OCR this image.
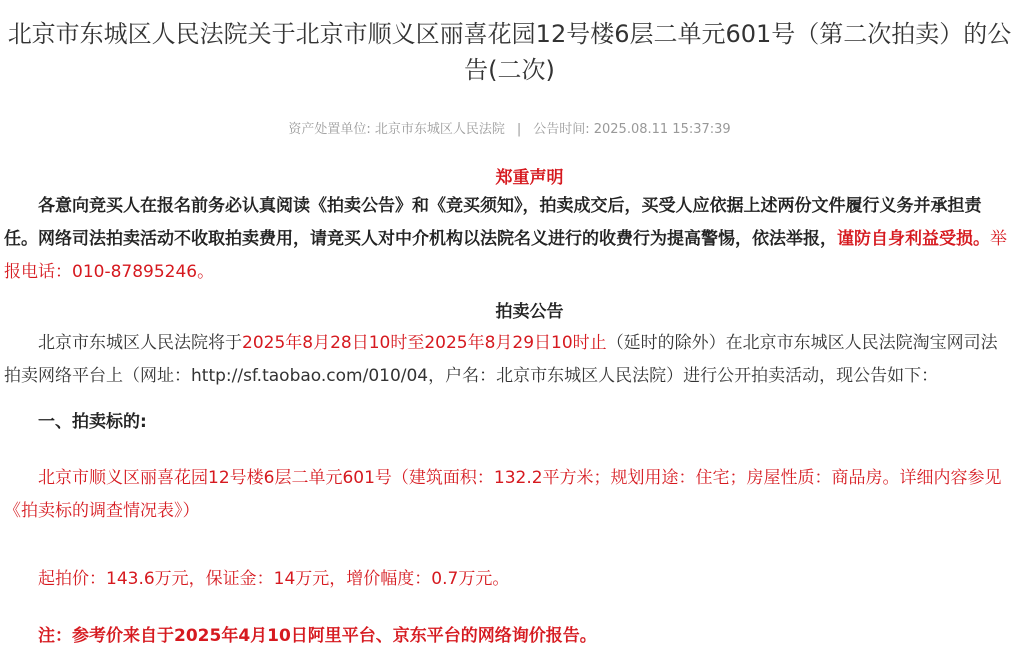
北京市东城区人民法院关于北京市顺义区丽喜花园12号楼6层二单元601号（第二次拍卖）的公
告(二次)
资产处置单位: 北京市东城区人民法院 | 公告时间: 2025.08.11 15:37:39
郑重声明
各意向竞买人在报名前务必认真阅读《拍卖公告》和《竞买须知》，拍卖成交后，买受人应依据上述两份文件履行义务并承担责任。网络司法拍卖活动不收取拍卖费用，请竞买人对中介机构以法院名义进行的收费行为提高警惕，依法举报，谨防自身利益受损。举报电话：010-87895246。
拍卖公告
北京市东城区人民法院将于2025年8月28日10时至2025年8月29日10时止（延时的除外）在北京市东城区人民法院淘宝网司法拍卖网络平台上（网址：http://sf.taobao.com/010/04，户名：北京市东城区人民法院）进行公开拍卖活动，现公告如下：
一、拍卖标的:
北京市顺义区丽喜花园12号楼6层二单元601号（建筑面积：132.2平方米；规划用途：住宅；房屋性质：商品房。详细内容参见《拍卖标的调查情况表》）
起拍价：143.6万元，保证金：14万元，增价幅度：0.7万元。
注：参考价来自于2025年4月10日阿里平台、京东平台的网络询价报告。
